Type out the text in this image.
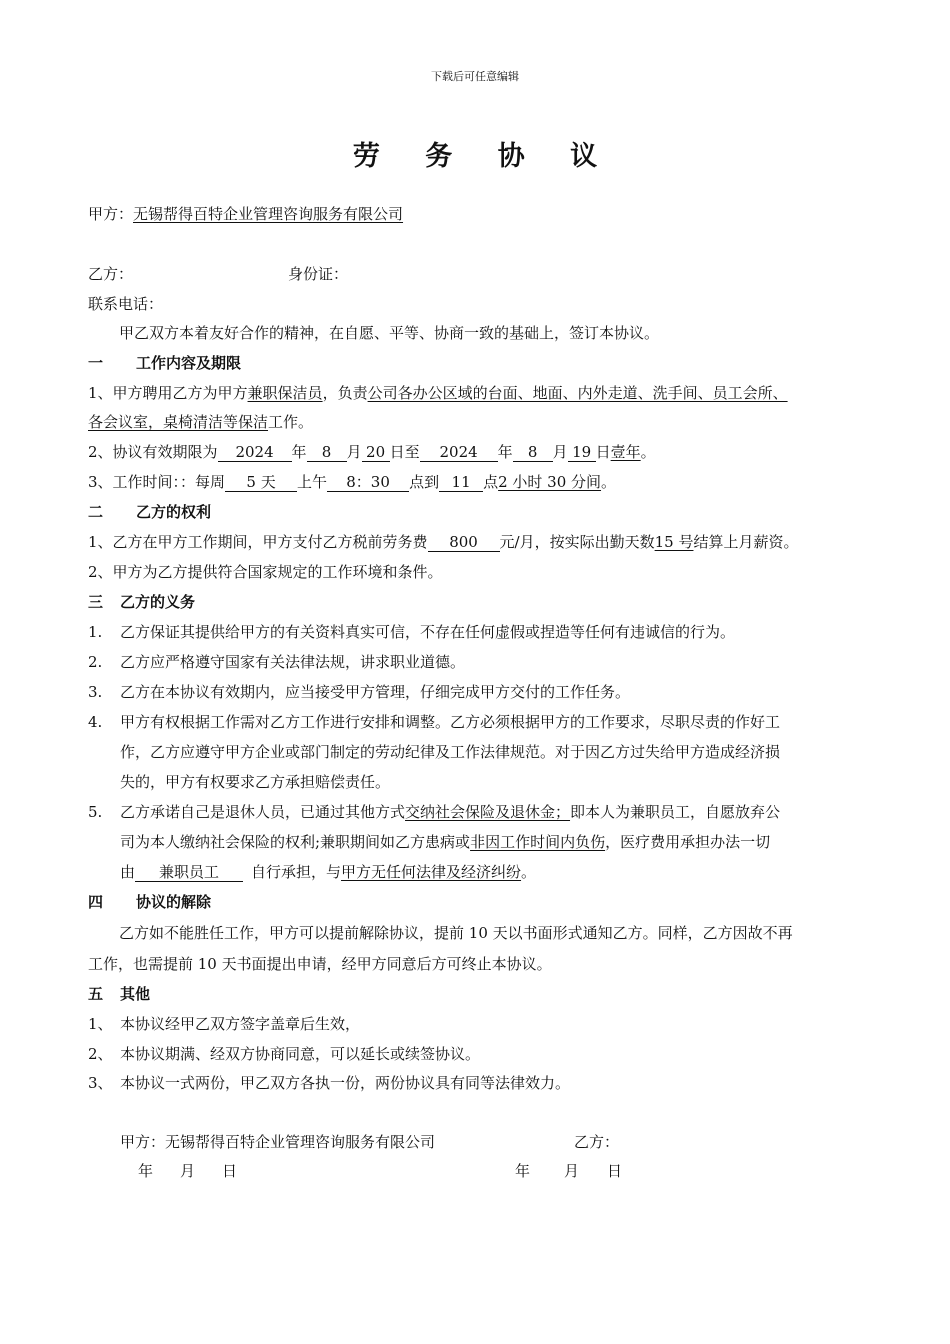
下载后可任意编辑
劳 务 协 议
甲方：无锡帮得百特企业管理咨询服务有限公司
乙方：	身份证：
联系电话：
甲乙双方本着友好合作的精神，在自愿、平等、协商一致的基础上，签订本协议。
一 工作内容及期限
1、甲方聘用乙方为甲方兼职保洁员，负责公司各办公区域的台面、地面、内外走道、洗手间、员工会所、
各会议室，桌椅清洁等保洁工作。
2、协议有效期限为 2024 年 8 月 20 日至 2024 年 8 月 19 日壹年。
3、工作时间：：每周 5 天 上午 8：30 点到 11 点2 小时 30 分间。
二 乙方的权利
1、乙方在甲方工作期间，甲方支付乙方税前劳务费 800 元/月，按实际出勤天数15 号结算上月薪资。
2、甲方为乙方提供符合国家规定的工作环境和条件。
三 乙方的义务
1. 乙方保证其提供给甲方的有关资料真实可信，不存在任何虚假或捏造等任何有违诚信的行为。
2. 乙方应严格遵守国家有关法律法规，讲求职业道德。
3. 乙方在本协议有效期内，应当接受甲方管理，仔细完成甲方交付的工作任务。
4. 甲方有权根据工作需对乙方工作进行安排和调整。乙方必须根据甲方的工作要求，尽职尽责的作好工
作，乙方应遵守甲方企业或部门制定的劳动纪律及工作法律规范。对于因乙方过失给甲方造成经济损
失的，甲方有权要求乙方承担赔偿责任。
5. 乙方承诺自己是退休人员，已通过其他方式交纳社会保险及退休金；即本人为兼职员工，自愿放弃公
司为本人缴纳社会保险的权利;兼职期间如乙方患病或非因工作时间内负伤，医疗费用承担办法一切
由 兼职员工 自行承担，与甲方无任何法律及经济纠纷。
四 协议的解除
乙方如不能胜任工作，甲方可以提前解除协议，提前 10 天以书面形式通知乙方。同样，乙方因故不再
工作，也需提前 10 天书面提出申请，经甲方同意后方可终止本协议。
五 其他
1、 本协议经甲乙双方签字盖章后生效，
2、 本协议期满、经双方协商同意，可以延长或续签协议。
3、 本协议一式两份，甲乙双方各执一份，两份协议具有同等法律效力。
甲方：无锡帮得百特企业管理咨询服务有限公司	乙方：
年 月 日	年 月 日
